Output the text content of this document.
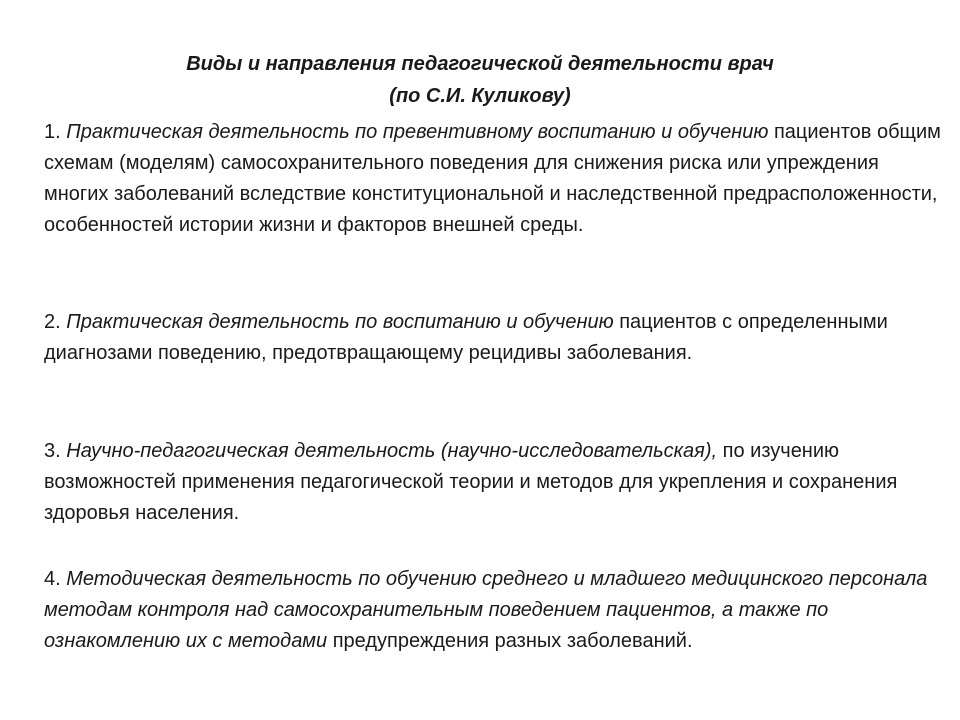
Виды и направления педагогической деятельности врач
(по С.И. Куликову)

1. Практическая деятельность по превентивному воспитанию и обучению пациентов общим схемам (моделям) самосохранительного поведения для снижения риска или упреждения многих заболеваний вследствие конституциональной и наследственной предрасположенности, особенностей истории жизни и факторов внешней среды.

2. Практическая деятельность по воспитанию и обучению пациентов с определенными диагнозами поведению, предотвращающему рецидивы заболевания.

3. Научно-педагогическая деятельность (научно-исследовательская), по изучению возможностей применения педагогической теории и методов для укрепления и сохранения здоровья населения.

4. Методическая деятельность по обучению среднего и младшего медицинского персонала методам контроля над самосохранительным поведением пациентов, а также по ознакомлению их с методами предупреждения разных заболеваний.
